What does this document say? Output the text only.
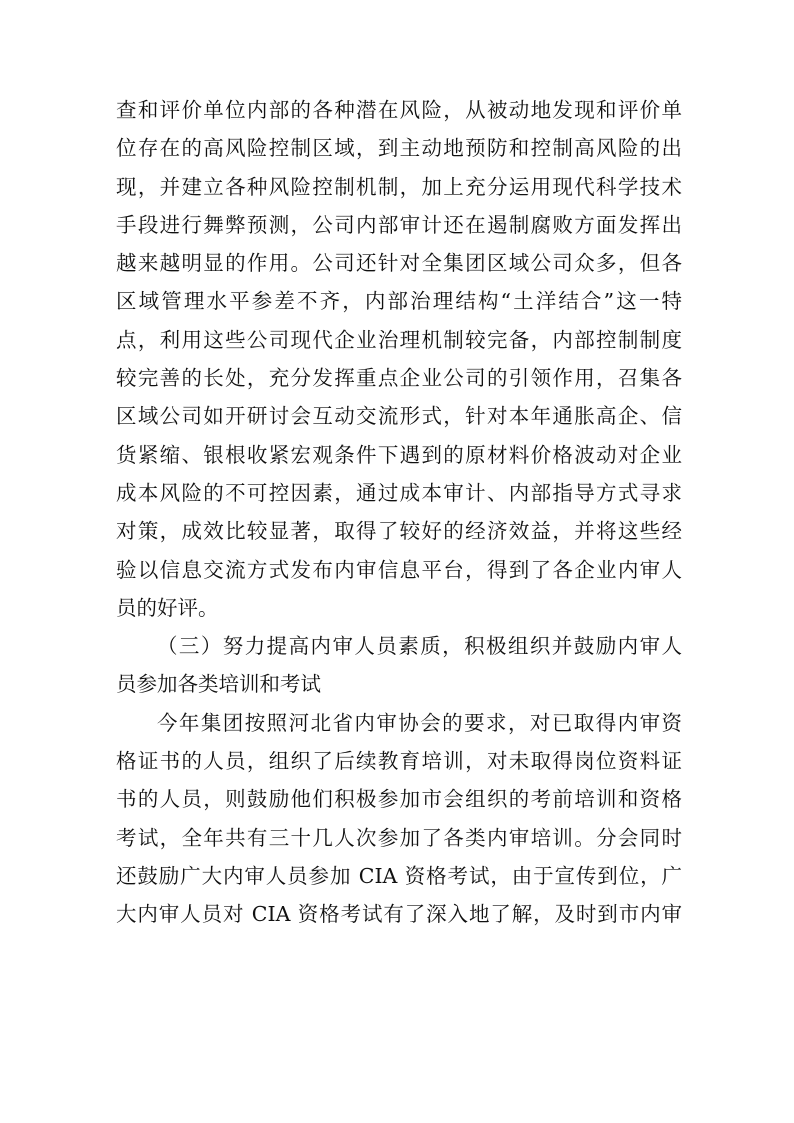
查和评价单位内部的各种潜在风险，从被动地发现和评价单
位存在的高风险控制区域，到主动地预防和控制高风险的出
现，并建立各种风险控制机制，加上充分运用现代科学技术
手段进行舞弊预测，公司内部审计还在遏制腐败方面发挥出
越来越明显的作用。公司还针对全集团区域公司众多，但各
区域管理水平参差不齐，内部治理结构“土洋结合”这一特
点，利用这些公司现代企业治理机制较完备，内部控制制度
较完善的长处，充分发挥重点企业公司的引领作用，召集各
区域公司如开研讨会互动交流形式，针对本年通胀高企、信
货紧缩、银根收紧宏观条件下遇到的原材料价格波动对企业
成本风险的不可控因素，通过成本审计、内部指导方式寻求
对策，成效比较显著，取得了较好的经济效益，并将这些经
验以信息交流方式发布内审信息平台，得到了各企业内审人
员的好评。
（三）努力提高内审人员素质，积极组织并鼓励内审人
员参加各类培训和考试
今年集团按照河北省内审协会的要求，对已取得内审资
格证书的人员，组织了后续教育培训，对未取得岗位资料证
书的人员，则鼓励他们积极参加市会组织的考前培训和资格
考试，全年共有三十几人次参加了各类内审培训。分会同时
还鼓励广大内审人员参加 CIA 资格考试，由于宣传到位，广
大内审人员对 CIA 资格考试有了深入地了解，及时到市内审
